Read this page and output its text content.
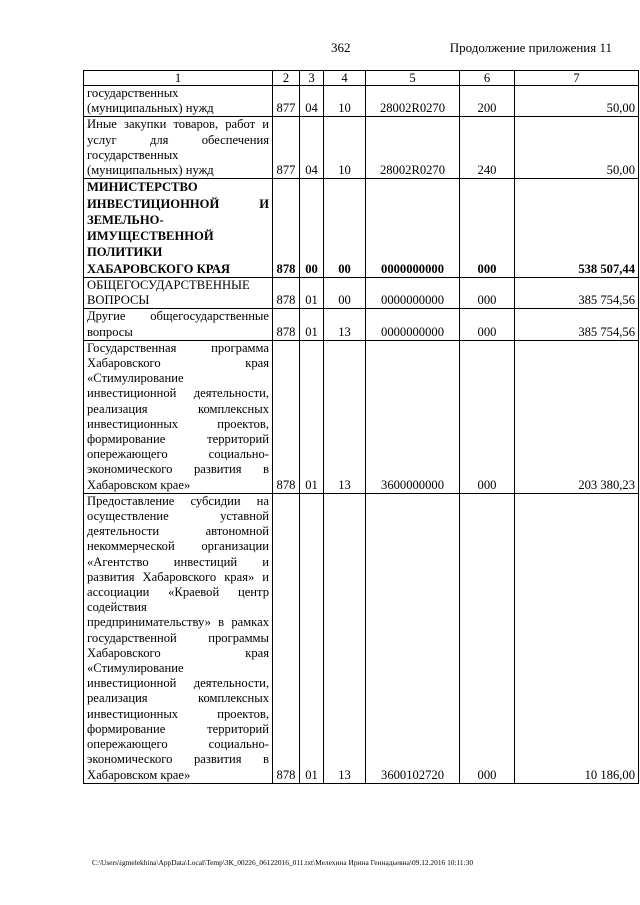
362	Продолжение приложения 11
1	2	3	4	5	6	7
государственных (муниципальных) нужд	877	04	10	28002R0270	200	50,00
Иные закупки товаров, работ и услуг для обеспечения государственных (муниципальных) нужд	877	04	10	28002R0270	240	50,00
МИНИСТЕРСТВО ИНВЕСТИЦИОННОЙ И ЗЕМЕЛЬНО-ИМУЩЕСТВЕННОЙ ПОЛИТИКИ ХАБАРОВСКОГО КРАЯ	878	00	00	0000000000	000	538 507,44
ОБЩЕГОСУДАРСТВЕННЫЕ ВОПРОСЫ	878	01	00	0000000000	000	385 754,56
Другие общегосударственные вопросы	878	01	13	0000000000	000	385 754,56
Государственная программа Хабаровского края «Стимулирование инвестиционной деятельности, реализация комплексных инвестиционных проектов, формирование территорий опережающего социально-экономического развития в Хабаровском крае»	878	01	13	3600000000	000	203 380,23
Предоставление субсидии на осуществление уставной деятельности автономной некоммерческой организации «Агентство инвестиций и развития Хабаровского края» и ассоциации «Краевой центр содействия предпринимательству» в рамках государственной программы Хабаровского края «Стимулирование инвестиционной деятельности, реализация комплексных инвестиционных проектов, формирование территорий опережающего социально-экономического развития в Хабаровском крае»	878	01	13	3600102720	000	10 186,00
C:\Users\igmelekhina\AppData\Local\Temp\ЗК_00226_06122016_011.txt\Мелехина Ирина Геннадьевна\09.12.2016 10:11:30
